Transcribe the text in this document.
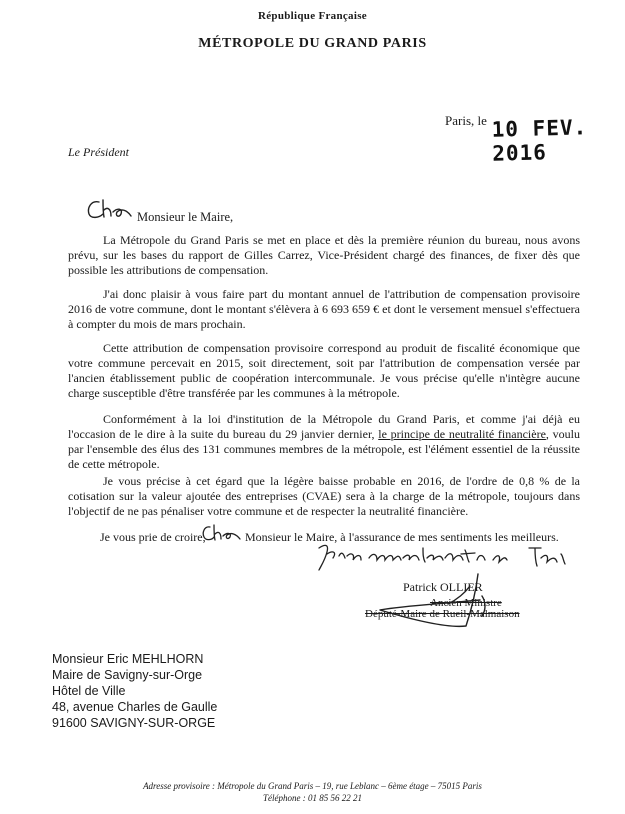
République Française
MÉTROPOLE DU GRAND PARIS
Paris, le 10 FEV. 2016
Le Président
Monsieur le Maire,

La Métropole du Grand Paris se met en place et dès la première réunion du bureau, nous avons prévu, sur les bases du rapport de Gilles Carrez, Vice-Président chargé des finances, de fixer dès que possible les attributions de compensation.

J'ai donc plaisir à vous faire part du montant annuel de l'attribution de compensation provisoire 2016 de votre commune, dont le montant s'élèvera à 6 693 659 € et dont le versement mensuel s'effectuera à compter du mois de mars prochain.

Cette attribution de compensation provisoire correspond au produit de fiscalité économique que votre commune percevait en 2015, soit directement, soit par l'attribution de compensation versée par l'ancien établissement public de coopération intercommunale. Je vous précise qu'elle n'intègre aucune charge susceptible d'être transférée par les communes à la métropole.

Conformément à la loi d'institution de la Métropole du Grand Paris, et comme j'ai déjà eu l'occasion de le dire à la suite du bureau du 29 janvier dernier, le principe de neutralité financière, voulu par l'ensemble des élus des 131 communes membres de la métropole, est l'élément essentiel de la réussite de cette métropole.

Je vous précise à cet égard que la légère baisse probable en 2016, de l'ordre de 0,8 % de la cotisation sur la valeur ajoutée des entreprises (CVAE) sera à la charge de la métropole, toujours dans l'objectif de ne pas pénaliser votre commune et de respecter la neutralité financière.

Je vous prie de croire,	Monsieur le Maire, à l'assurance de mes sentiments les meilleurs.
Patrick OLLIER
Ancien Ministre
Député-Maire de Rueil-Malmaison
Monsieur Eric MEHLHORN
Maire de Savigny-sur-Orge
Hôtel de Ville
48, avenue Charles de Gaulle
91600 SAVIGNY-SUR-ORGE
Adresse provisoire : Métropole du Grand Paris – 19, rue Leblanc – 6ème étage – 75015 Paris
Téléphone : 01 85 56 22 21
